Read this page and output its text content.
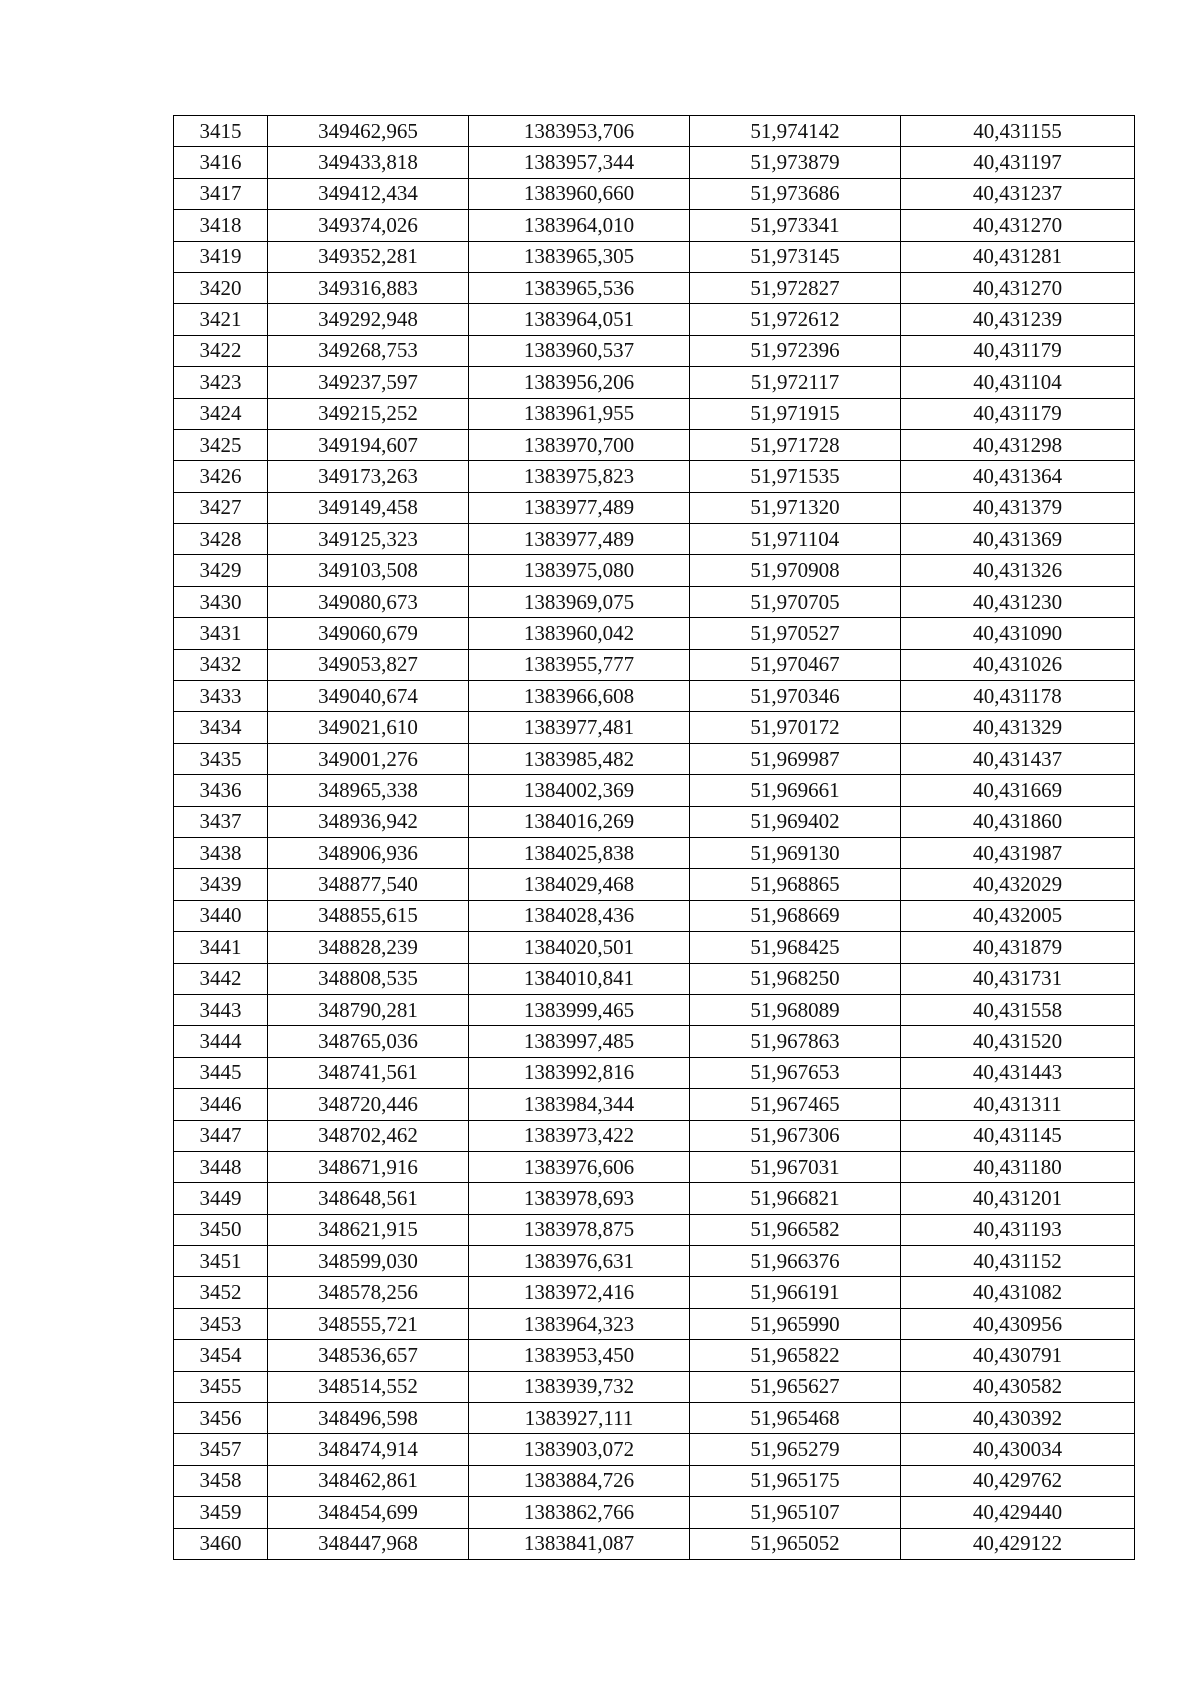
3415	349462,965	1383953,706	51,974142	40,431155
3416	349433,818	1383957,344	51,973879	40,431197
3417	349412,434	1383960,660	51,973686	40,431237
3418	349374,026	1383964,010	51,973341	40,431270
3419	349352,281	1383965,305	51,973145	40,431281
3420	349316,883	1383965,536	51,972827	40,431270
3421	349292,948	1383964,051	51,972612	40,431239
3422	349268,753	1383960,537	51,972396	40,431179
3423	349237,597	1383956,206	51,972117	40,431104
3424	349215,252	1383961,955	51,971915	40,431179
3425	349194,607	1383970,700	51,971728	40,431298
3426	349173,263	1383975,823	51,971535	40,431364
3427	349149,458	1383977,489	51,971320	40,431379
3428	349125,323	1383977,489	51,971104	40,431369
3429	349103,508	1383975,080	51,970908	40,431326
3430	349080,673	1383969,075	51,970705	40,431230
3431	349060,679	1383960,042	51,970527	40,431090
3432	349053,827	1383955,777	51,970467	40,431026
3433	349040,674	1383966,608	51,970346	40,431178
3434	349021,610	1383977,481	51,970172	40,431329
3435	349001,276	1383985,482	51,969987	40,431437
3436	348965,338	1384002,369	51,969661	40,431669
3437	348936,942	1384016,269	51,969402	40,431860
3438	348906,936	1384025,838	51,969130	40,431987
3439	348877,540	1384029,468	51,968865	40,432029
3440	348855,615	1384028,436	51,968669	40,432005
3441	348828,239	1384020,501	51,968425	40,431879
3442	348808,535	1384010,841	51,968250	40,431731
3443	348790,281	1383999,465	51,968089	40,431558
3444	348765,036	1383997,485	51,967863	40,431520
3445	348741,561	1383992,816	51,967653	40,431443
3446	348720,446	1383984,344	51,967465	40,431311
3447	348702,462	1383973,422	51,967306	40,431145
3448	348671,916	1383976,606	51,967031	40,431180
3449	348648,561	1383978,693	51,966821	40,431201
3450	348621,915	1383978,875	51,966582	40,431193
3451	348599,030	1383976,631	51,966376	40,431152
3452	348578,256	1383972,416	51,966191	40,431082
3453	348555,721	1383964,323	51,965990	40,430956
3454	348536,657	1383953,450	51,965822	40,430791
3455	348514,552	1383939,732	51,965627	40,430582
3456	348496,598	1383927,111	51,965468	40,430392
3457	348474,914	1383903,072	51,965279	40,430034
3458	348462,861	1383884,726	51,965175	40,429762
3459	348454,699	1383862,766	51,965107	40,429440
3460	348447,968	1383841,087	51,965052	40,429122
